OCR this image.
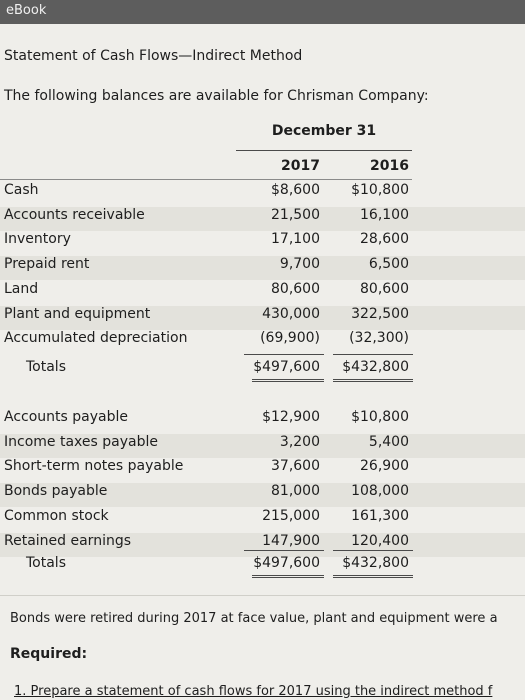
eBook
Statement of Cash Flows—Indirect Method
The following balances are available for Chrisman Company:
December 31
2017	2016
Cash	$8,600 $10,800
Accounts receivable	21,500	16,100
Inventory	17,100	28,600
Prepaid rent	9,700	6,500
Land	80,600	80,600
Plant and equipment	430,000 322,500
Accumulated depreciation	(69,900) (32,300)
Totals	$497,600 $432,800
Accounts payable	$12,900 $10,800
Income taxes payable	3,200	5,400
Short-term notes payable	37,600	26,900
Bonds payable	81,000 108,000
Common stock	215,000 161,300
Retained earnings	147,900 120,400
Totals	$497,600 $432,800
Bonds were retired during 2017 at face value, plant and equipment were a
Required:
1. Prepare a statement of cash flows for 2017 using the indirect method f
